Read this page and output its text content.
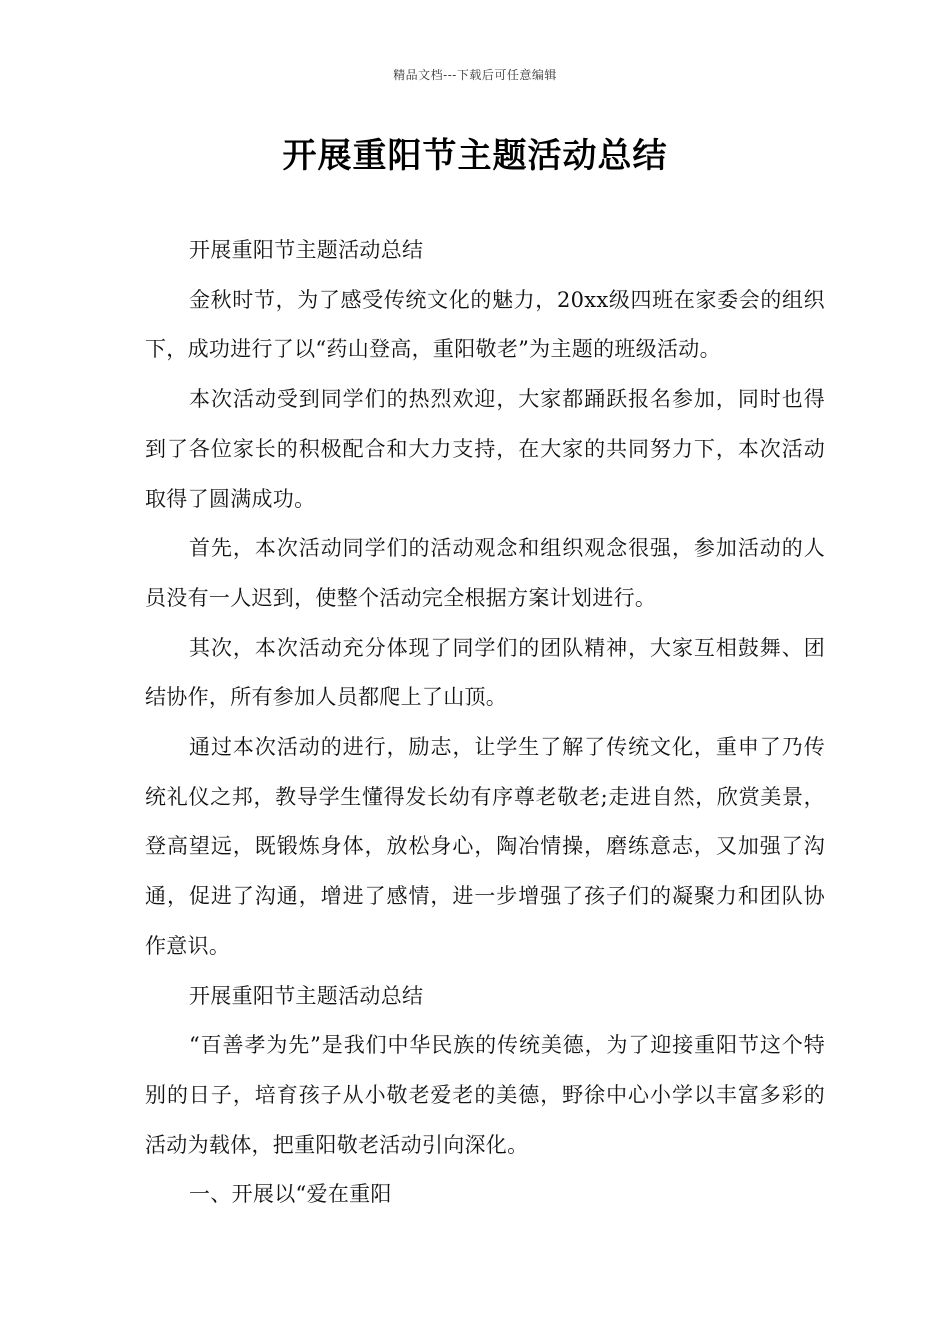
精品文档---下载后可任意编辑
开展重阳节主题活动总结

开展重阳节主题活动总结

金秋时节，为了感受传统文化的魅力，20xx级四班在家委会的组织下，成功进行了以“药山登高，重阳敬老”为主题的班级活动。

本次活动受到同学们的热烈欢迎，大家都踊跃报名参加，同时也得到了各位家长的积极配合和大力支持，在大家的共同努力下，本次活动取得了圆满成功。

首先，本次活动同学们的活动观念和组织观念很强，参加活动的人员没有一人迟到，使整个活动完全根据方案计划进行。

其次，本次活动充分体现了同学们的团队精神，大家互相鼓舞、团结协作，所有参加人员都爬上了山顶。

通过本次活动的进行，励志，让学生了解了传统文化，重申了乃传统礼仪之邦，教导学生懂得发长幼有序尊老敬老;走进自然，欣赏美景，登高望远，既锻炼身体，放松身心，陶冶情操，磨练意志，又加强了沟通，促进了沟通，增进了感情，进一步增强了孩子们的凝聚力和团队协作意识。

开展重阳节主题活动总结

“百善孝为先”是我们中华民族的传统美德，为了迎接重阳节这个特别的日子，培育孩子从小敬老爱老的美德，野徐中心小学以丰富多彩的活动为载体，把重阳敬老活动引向深化。

一、开展以“爱在重阳
